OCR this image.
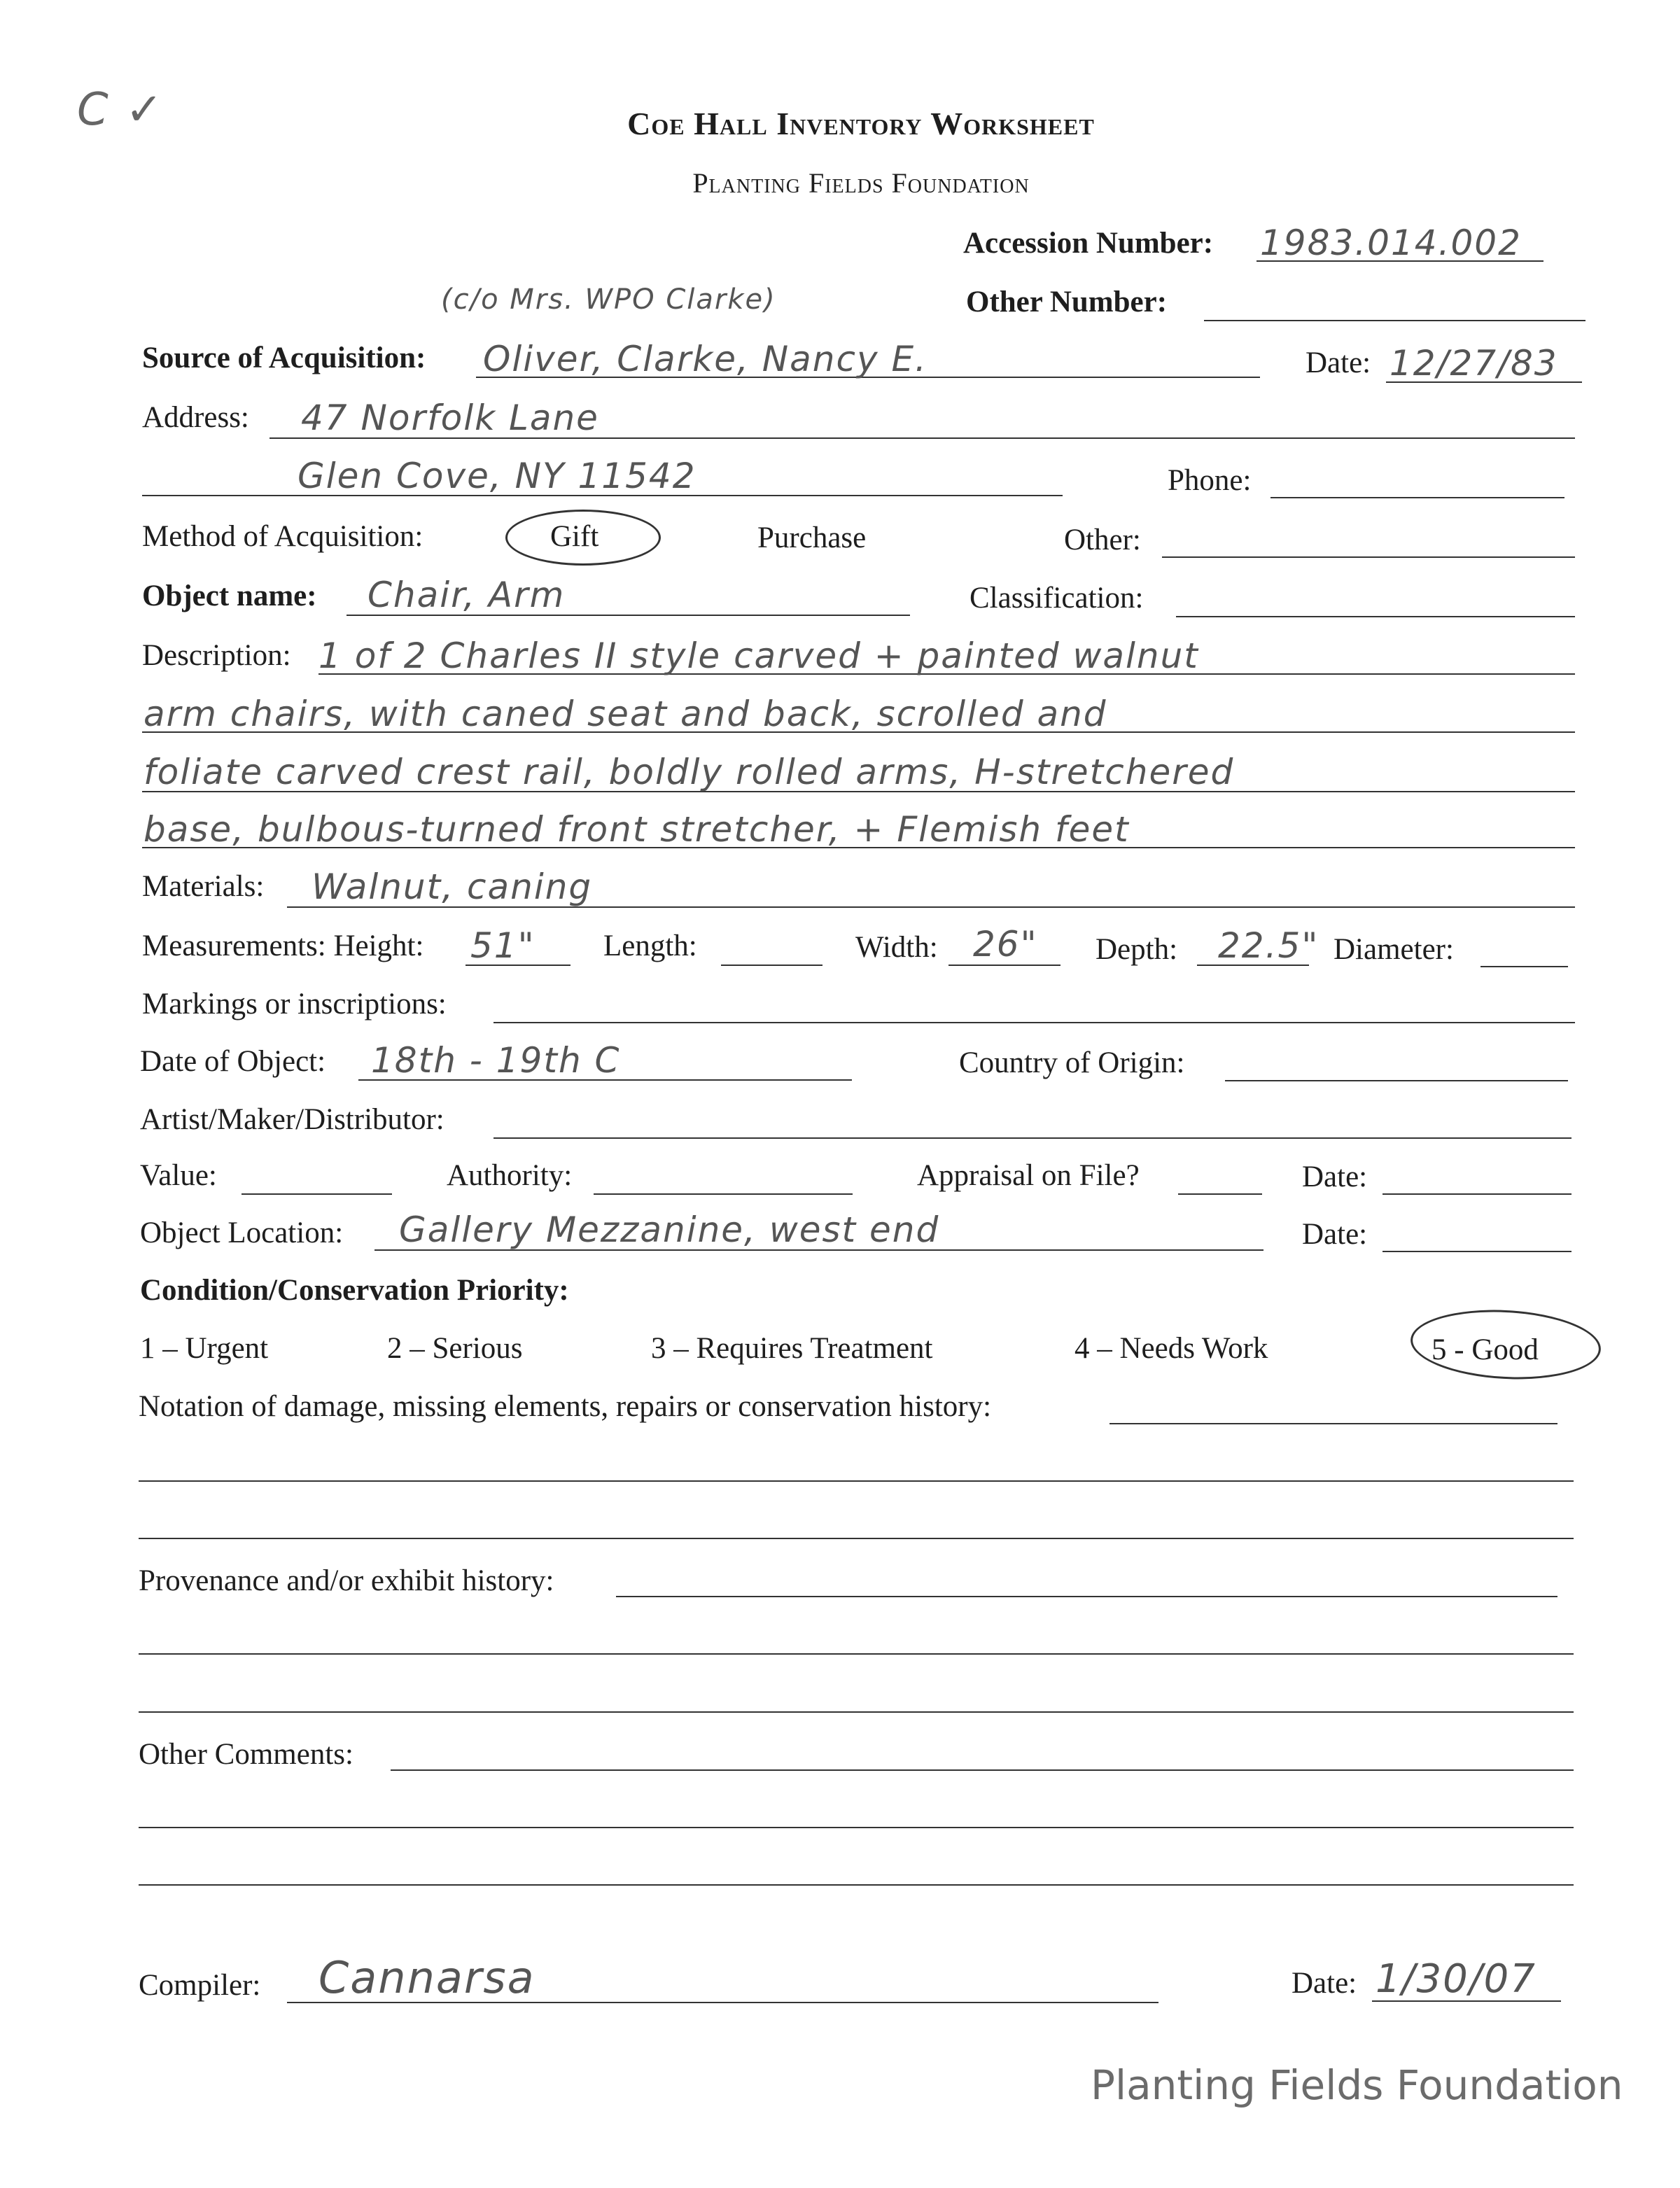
C ✓	Coe Hall Inventory Worksheet
Planting Fields Foundation
Accession Number: 1983.014.002
(c/o Mrs. WPO Clarke)	Other Number:
Source of Acquisition: Oliver, Clarke, Nancy E.	Date: 12/27/83
Address: 47 Norfolk Lane
Glen Cove, NY 11542	Phone:
Method of Acquisition:	Gift	Purchase	Other:
Object name: Chair, Arm	Classification:
Description: 1 of 2 Charles II style carved + painted walnut
arm chairs, with caned seat and back, scrolled and
foliate carved crest rail, boldly rolled arms, H-stretchered
base, bulbous-turned front stretcher, + Flemish feet
Materials: Walnut, caning
Measurements: Height: 51" Length:	Width: 26" Depth: 22.5" Diameter:
Markings or inscriptions:
Date of Object: 18th - 19th C	Country of Origin:
Artist/Maker/Distributor:
Value:	Authority:	Appraisal on File?	Date:
Object Location: Gallery Mezzanine, west end	Date:
Condition/Conservation Priority:
1 – Urgent	2 – Serious	3 – Requires Treatment	4 – Needs Work	5 - Good
Notation of damage, missing elements, repairs or conservation history:
Provenance and/or exhibit history:
Other Comments:
Compiler: Cannarsa	Date: 1/30/07
Planting Fields Foundation
